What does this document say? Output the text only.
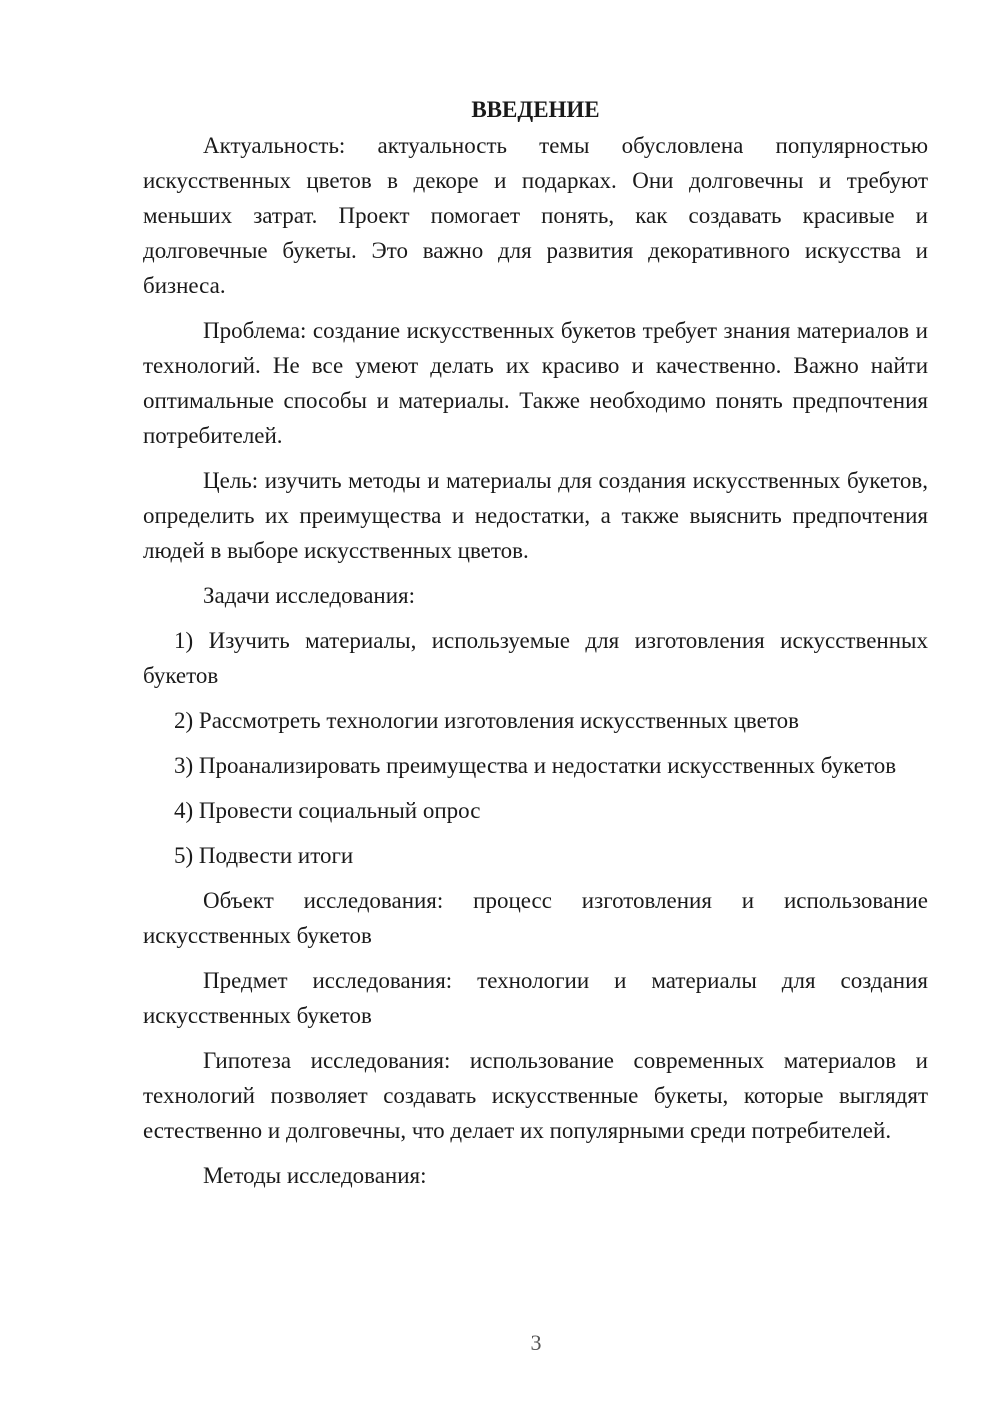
ВВЕДЕНИЕ

Актуальность: актуальность темы обусловлена популярностью искусственных цветов в декоре и подарках. Они долговечны и требуют меньших затрат. Проект помогает понять, как создавать красивые и долговечные букеты. Это важно для развития декоративного искусства и бизнеса.

Проблема: создание искусственных букетов требует знания материалов и технологий. Не все умеют делать их красиво и качественно. Важно найти оптимальные способы и материалы. Также необходимо понять предпочтения потребителей.

Цель: изучить методы и материалы для создания искусственных букетов, определить их преимущества и недостатки, а также выяснить предпочтения людей в выборе искусственных цветов.

Задачи исследования:

1) Изучить материалы, используемые для изготовления искусственных букетов

2) Рассмотреть технологии изготовления искусственных цветов

3) Проанализировать преимущества и недостатки искусственных букетов

4) Провести социальный опрос

5) Подвести итоги

Объект исследования: процесс изготовления и использование искусственных букетов

Предмет исследования: технологии и материалы для создания искусственных букетов

Гипотеза исследования: использование современных материалов и технологий позволяет создавать искусственные букеты, которые выглядят естественно и долговечны, что делает их популярными среди потребителей.

Методы исследования:

3
